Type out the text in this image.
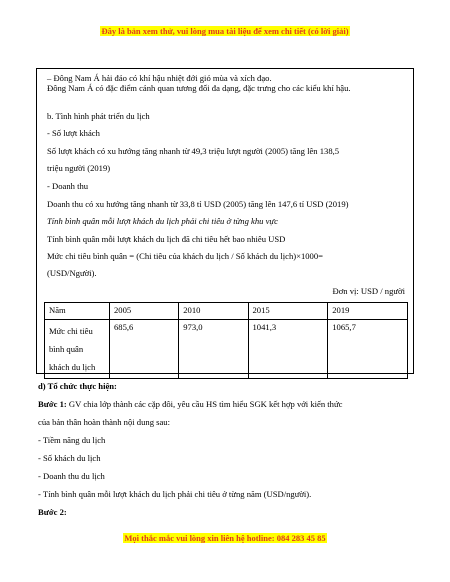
Đây là bản xem thử, vui lòng mua tài liệu để xem chi tiết (có lời giải)
– Đông Nam Á hải đảo có khí hậu nhiệt đới gió mùa và xích đạo.
Đông Nam Á có đặc điểm cảnh quan tương đối đa dạng, đặc trưng cho các kiểu khí hậu.
b. Tình hình phát triển du lịch
- Số lượt khách
Số lượt khách có xu hướng tăng nhanh từ 49,3 triệu lượt người (2005) tăng lên 138,5
triệu người (2019)
- Doanh thu
Doanh thu có xu hướng tăng nhanh từ 33,8 tỉ USD (2005) tăng lên 147,6 tỉ USD (2019)
Tính bình quân mỗi lượt khách du lịch phải chi tiêu ở từng khu vực
Tính bình quân mỗi lượt khách du lịch đã chi tiêu hết bao nhiêu USD
Mức chi tiêu bình quân = (Chi tiêu của khách du lịch / Số khách du lịch)×1000=
(USD/Người).
Đơn vị: USD / người
Năm	2005	2010	2015	2019
Mức chi tiêu bình quân khách du lịch	685,6	973,0	1041,3	1065,7
d) Tổ chức thực hiện:
Bước 1: GV chia lớp thành các cặp đôi, yêu cầu HS tìm hiểu SGK kết hợp với kiến thức
của bản thân hoàn thành nội dung sau:
- Tiềm năng du lịch
- Số khách du lịch
- Doanh thu du lịch
- Tính bình quân mỗi lượt khách du lịch phải chi tiêu ở từng năm (USD/người).
Bước 2:
Mọi thắc mắc vui lòng xin liên hệ hotline: 084 283 45 85
